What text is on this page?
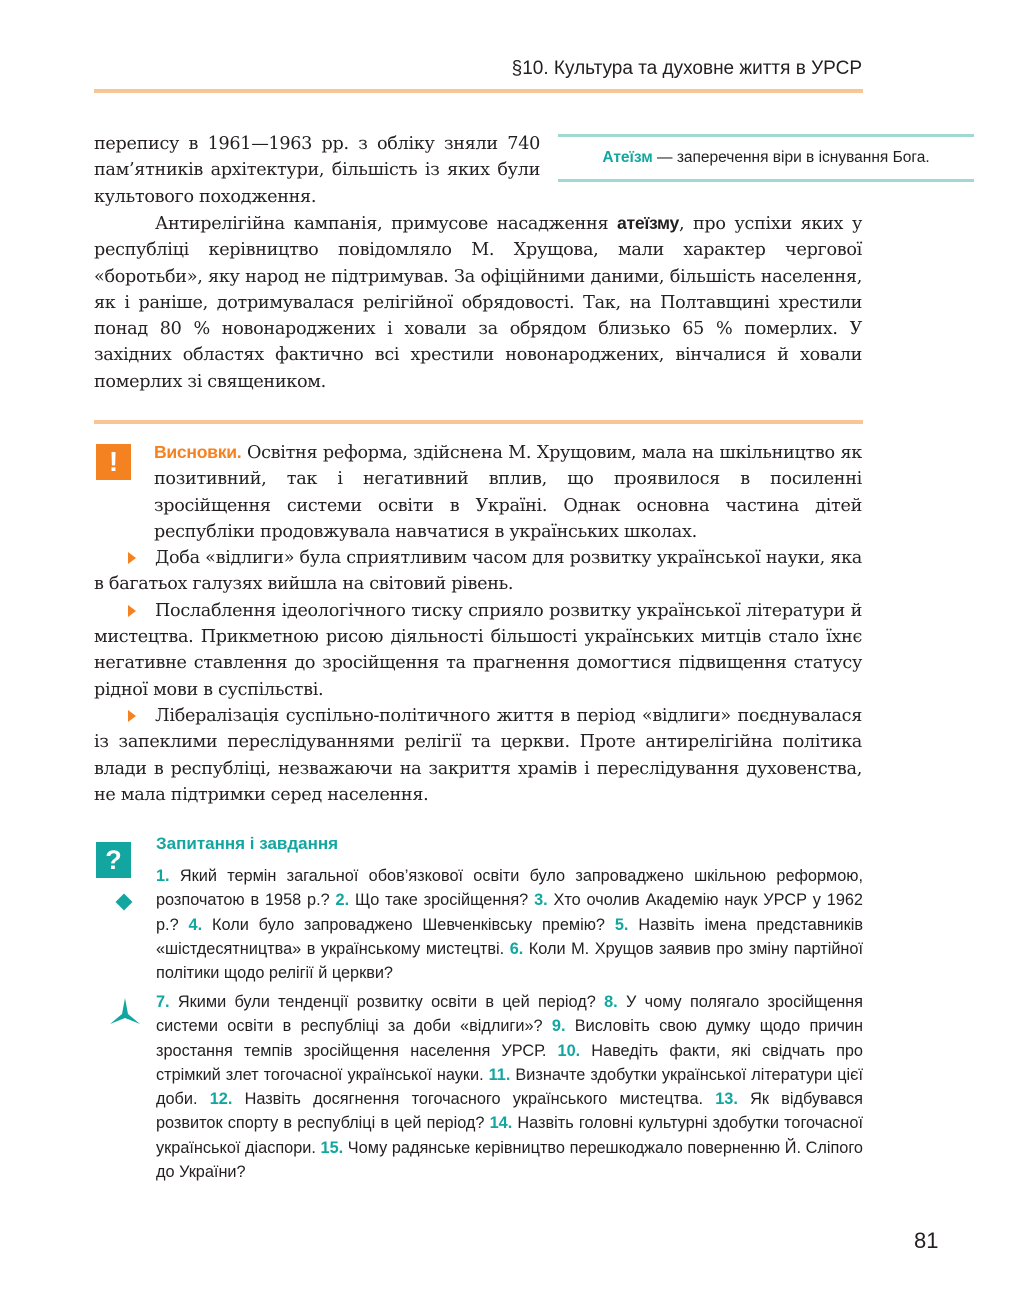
§10. Культура та духовне життя в УРСР
перепису в 1961—1963 рр. з обліку зняли 740 пам’ятників архітектури, більшість із яких були культового походження.
Атеїзм — заперечення віри в існування Бога.
Антирелігійна кампанія, примусове насадження атеїзму, про успіхи яких у республіці керівництво повідомляло М. Хрущова, мали характер чергової «боротьби», яку народ не підтримував. За офіційними даними, більшість населення, як і раніше, дотримувалася релігійної обрядовості. Так, на Полтавщині хрестили понад 80 % новонароджених і ховали за обрядом близько 65 % померлих. У західних областях фактично всі хрестили новонароджених, вінчалися й ховали померлих зі священиком.
!	Висновки. Освітня реформа, здійснена М. Хрущовим, мала на шкільництво як позитивний, так і негативний вплив, що проявилося в посиленні зросійщення системи освіти в Україні. Однак основна частина дітей республіки продовжувала навчатися в українських школах.

Доба «відлиги» була сприятливим часом для розвитку української науки, яка в багатьох галузях вийшла на світовий рівень.

Послаблення ідеологічного тиску сприяло розвитку української літератури й мистецтва. Прикметною рисою діяльності більшості українських митців стало їхнє негативне ставлення до зросійщення та прагнення домогтися підвищення статусу рідної мови в суспільстві.

Лібералізація суспільно-політичного життя в період «відлиги» поєднувалася із запеклими переслідуваннями релігії та церкви. Проте антирелігійна політика влади в республіці, незважаючи на закриття храмів і переслідування духовенства, не мала підтримки серед населення.

?
Запитання і завдання
1. Який термін загальної обов’язкової освіти було запроваджено шкільною реформою, розпочатою в 1958 р.? 2. Що таке зросійщення? 3. Хто очолив Академію наук УРСР у 1962 р.? 4. Коли було запроваджено Шевченківську премію? 5. Назвіть імена представників «шістдесятництва» в українському мистецтві. 6. Коли М. Хрущов заявив про зміну партійної політики щодо релігії й церкви?
7. Якими були тенденції розвитку освіти в цей період? 8. У чому полягало зросійщення системи освіти в республіці за доби «відлиги»? 9. Висловіть свою думку щодо причин зростання темпів зросійщення населення УРСР. 10. Наведіть факти, які свідчать про стрімкий злет тогочасної української науки. 11. Визначте здобутки української літератури цієї доби. 12. Назвіть досягнення тогочасного українського мистецтва. 13. Як відбувався розвиток спорту в республіці в цей період? 14. Назвіть головні культурні здобутки тогочасної української діаспори. 15. Чому радянське керівництво перешкоджало поверненню Й. Сліпого до України?
81
